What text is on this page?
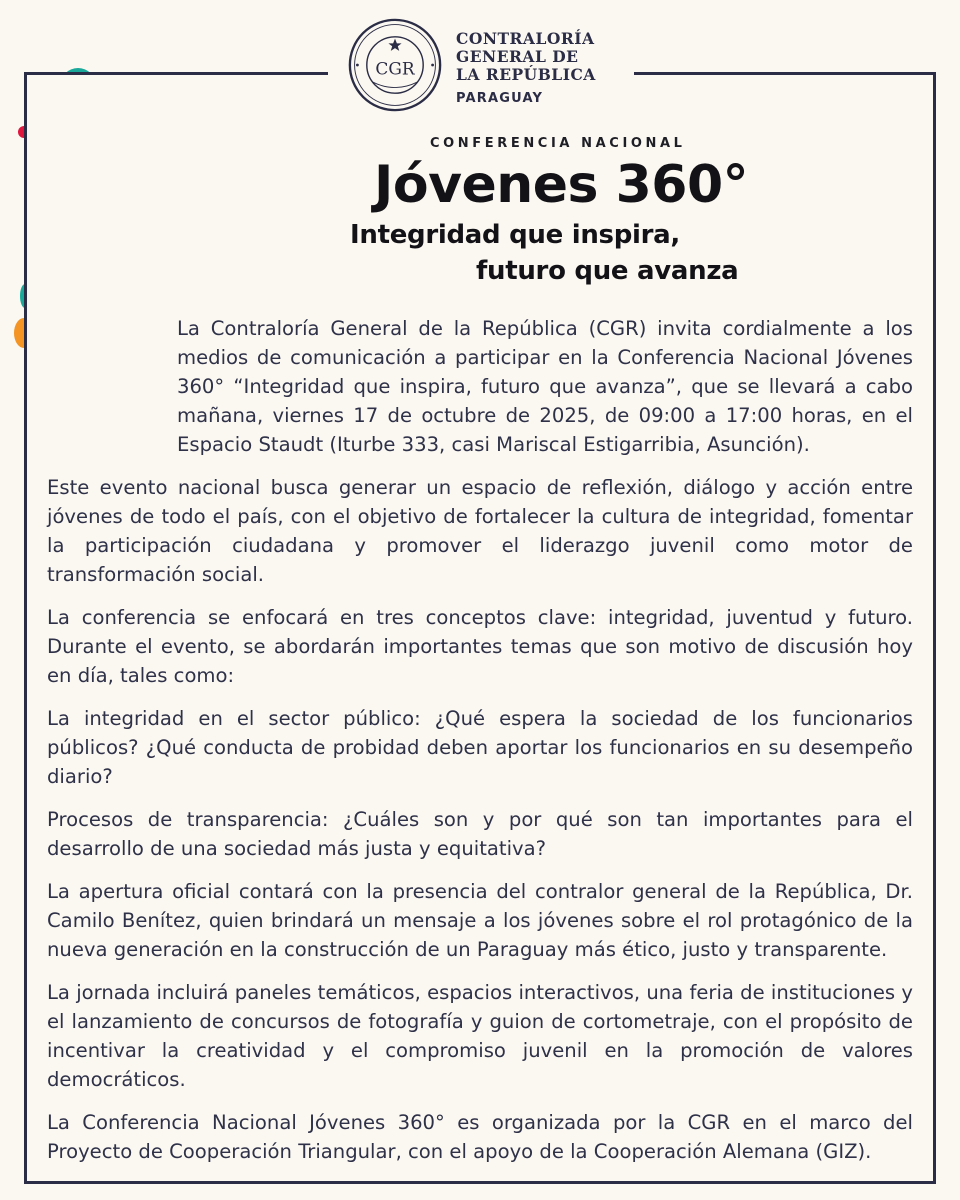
CGR
CONTRALORÍA
GENERAL DE
LA REPÚBLICA
PARAGUAY
CONFERENCIA NACIONAL
Jóvenes 360°
Integridad que inspira,
futuro que avanza

La Contraloría General de la República (CGR) invita cordialmente a los medios de comunicación a participar en la Conferencia Nacional Jóvenes 360° “Integridad que inspira, futuro que avanza”, que se llevará a cabo mañana, viernes 17 de octubre de 2025, de 09:00 a 17:00 horas, en el Espacio Staudt (Iturbe 333, casi Mariscal Estigarribia, Asunción).

Este evento nacional busca generar un espacio de reflexión, diálogo y acción entre jóvenes de todo el país, con el objetivo de fortalecer la cultura de integridad, fomentar la participación ciudadana y promover el liderazgo juvenil como motor de transformación social.

La conferencia se enfocará en tres conceptos clave: integridad, juventud y futuro. Durante el evento, se abordarán importantes temas que son motivo de discusión hoy en día, tales como:

La integridad en el sector público: ¿Qué espera la sociedad de los funcionarios públicos? ¿Qué conducta de probidad deben aportar los funcionarios en su desempeño diario?

Procesos de transparencia: ¿Cuáles son y por qué son tan importantes para el desarrollo de una sociedad más justa y equitativa?

La apertura oficial contará con la presencia del contralor general de la República, Dr. Camilo Benítez, quien brindará un mensaje a los jóvenes sobre el rol protagónico de la nueva generación en la construcción de un Paraguay más ético, justo y transparente.

La jornada incluirá paneles temáticos, espacios interactivos, una feria de instituciones y el lanzamiento de concursos de fotografía y guion de cortometraje, con el propósito de incentivar la creatividad y el compromiso juvenil en la promoción de valores democráticos.

La Conferencia Nacional Jóvenes 360° es organizada por la CGR en el marco del Proyecto de Cooperación Triangular, con el apoyo de la Cooperación Alemana (GIZ).
